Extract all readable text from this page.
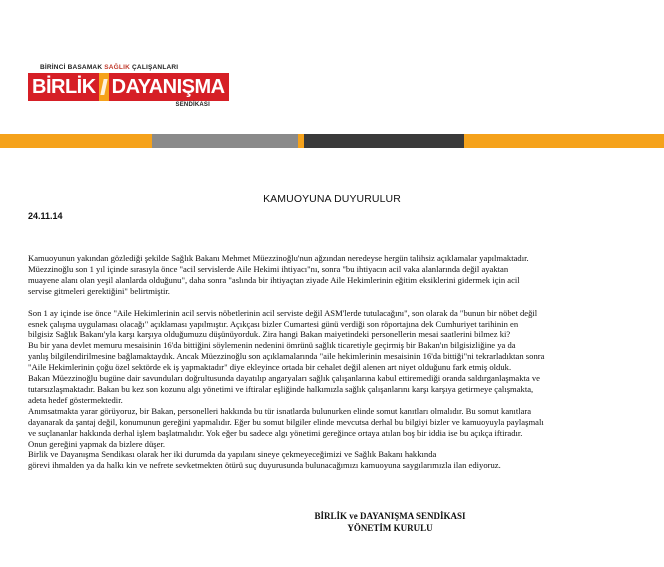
BİRİNCİ BASAMAK SAĞLIK ÇALIŞANLARI
BİRLİK DAYANIŞMA
SENDİKASI
KAMUOYUNA DUYURULUR
24.11.14
Kamuoyunun yakından gözlediği şekilde Sağlık Bakanı Mehmet Müezzinoğlu'nun ağzından neredeyse hergün talihsiz açıklamalar yapılmaktadır.
Müezzinoğlu son 1 yıl içinde sırasıyla önce "acil servislerde Aile Hekimi ihtiyacı"nı, sonra "bu ihtiyacın acil vaka alanlarında değil ayaktan
muayene alanı olan yeşil alanlarda olduğunu", daha sonra "aslında bir ihtiyaçtan ziyade Aile Hekimlerinin eğitim eksiklerini gidermek için acil
servise gitmeleri gerektiğini" belirtmiştir.
Son 1 ay içinde ise önce "Aile Hekimlerinin acil servis nöbetlerinin acil serviste değil ASM'lerde tutulacağını", son olarak da "bunun bir nöbet değil
esnek çalışma uygulaması olacağı" açıklaması yapılmıştır. Açıkçası bizler Cumartesi günü verdiği son röportajına dek Cumhuriyet tarihinin en
bilgisiz Sağlık Bakanı'yla karşı karşıya olduğumuzu düşünüyorduk. Zira hangi Bakan maiyetindeki personellerin mesai saatlerini bilmez ki?
Bu bir yana devlet memuru mesaisinin 16'da bittiğini söylemenin nedenini ömrünü sağlık ticaretiyle geçirmiş bir Bakan'ın bilgisizliğine ya da
yanlış bilgilendirilmesine bağlamaktaydık. Ancak Müezzinoğlu son açıklamalarında "aile hekimlerinin mesaisinin 16'da bittiği"ni tekrarladıktan sonra
"Aile Hekimlerinin çoğu özel sektörde ek iş yapmaktadır" diye ekleyince ortada bir cehalet değil alenen art niyet olduğunu fark etmiş olduk.
Bakan Müezzinoğlu bugüne dair savunduları doğrultusunda dayatılıp angaryaları sağlık çalışanlarına kabul ettiremediği oranda saldırganlaşmakta ve
tutarsızlaşmaktadır. Bakan bu kez son kozunu algı yönetimi ve iftiralar eşliğinde halkımızla sağlık çalışanlarını karşı karşıya getirmeye çalışmakta,
adeta hedef göstermektedir.
Anımsatmakta yarar görüyoruz, bir Bakan, personelleri hakkında bu tür isnatlarda bulunurken elinde somut kanıtları olmalıdır. Bu somut kanıtlara
dayanarak da şantaj değil, konumunun gereğini yapmalıdır. Eğer bu somut bilgiler elinde mevcutsa derhal bu bilgiyi bizler ve kamuoyuyla paylaşmalı
ve suçlananlar hakkında derhal işlem başlatmalıdır. Yok eğer bu sadece algı yönetimi gereğince ortaya atılan boş bir iddia ise bu açıkça iftiradır.
Onun gereğini yapmak da bizlere düşer.
Birlik ve Dayanışma Sendikası olarak her iki durumda da yapılanı sineye çekmeyeceğimizi ve Sağlık Bakanı hakkında
görevi ihmalden ya da halkı kin ve nefrete sevketmekten ötürü suç duyurusunda bulunacağımızı kamuoyuna saygılarımızla ilan ediyoruz.
BİRLİK ve DAYANIŞMA SENDİKASI
YÖNETİM KURULU
